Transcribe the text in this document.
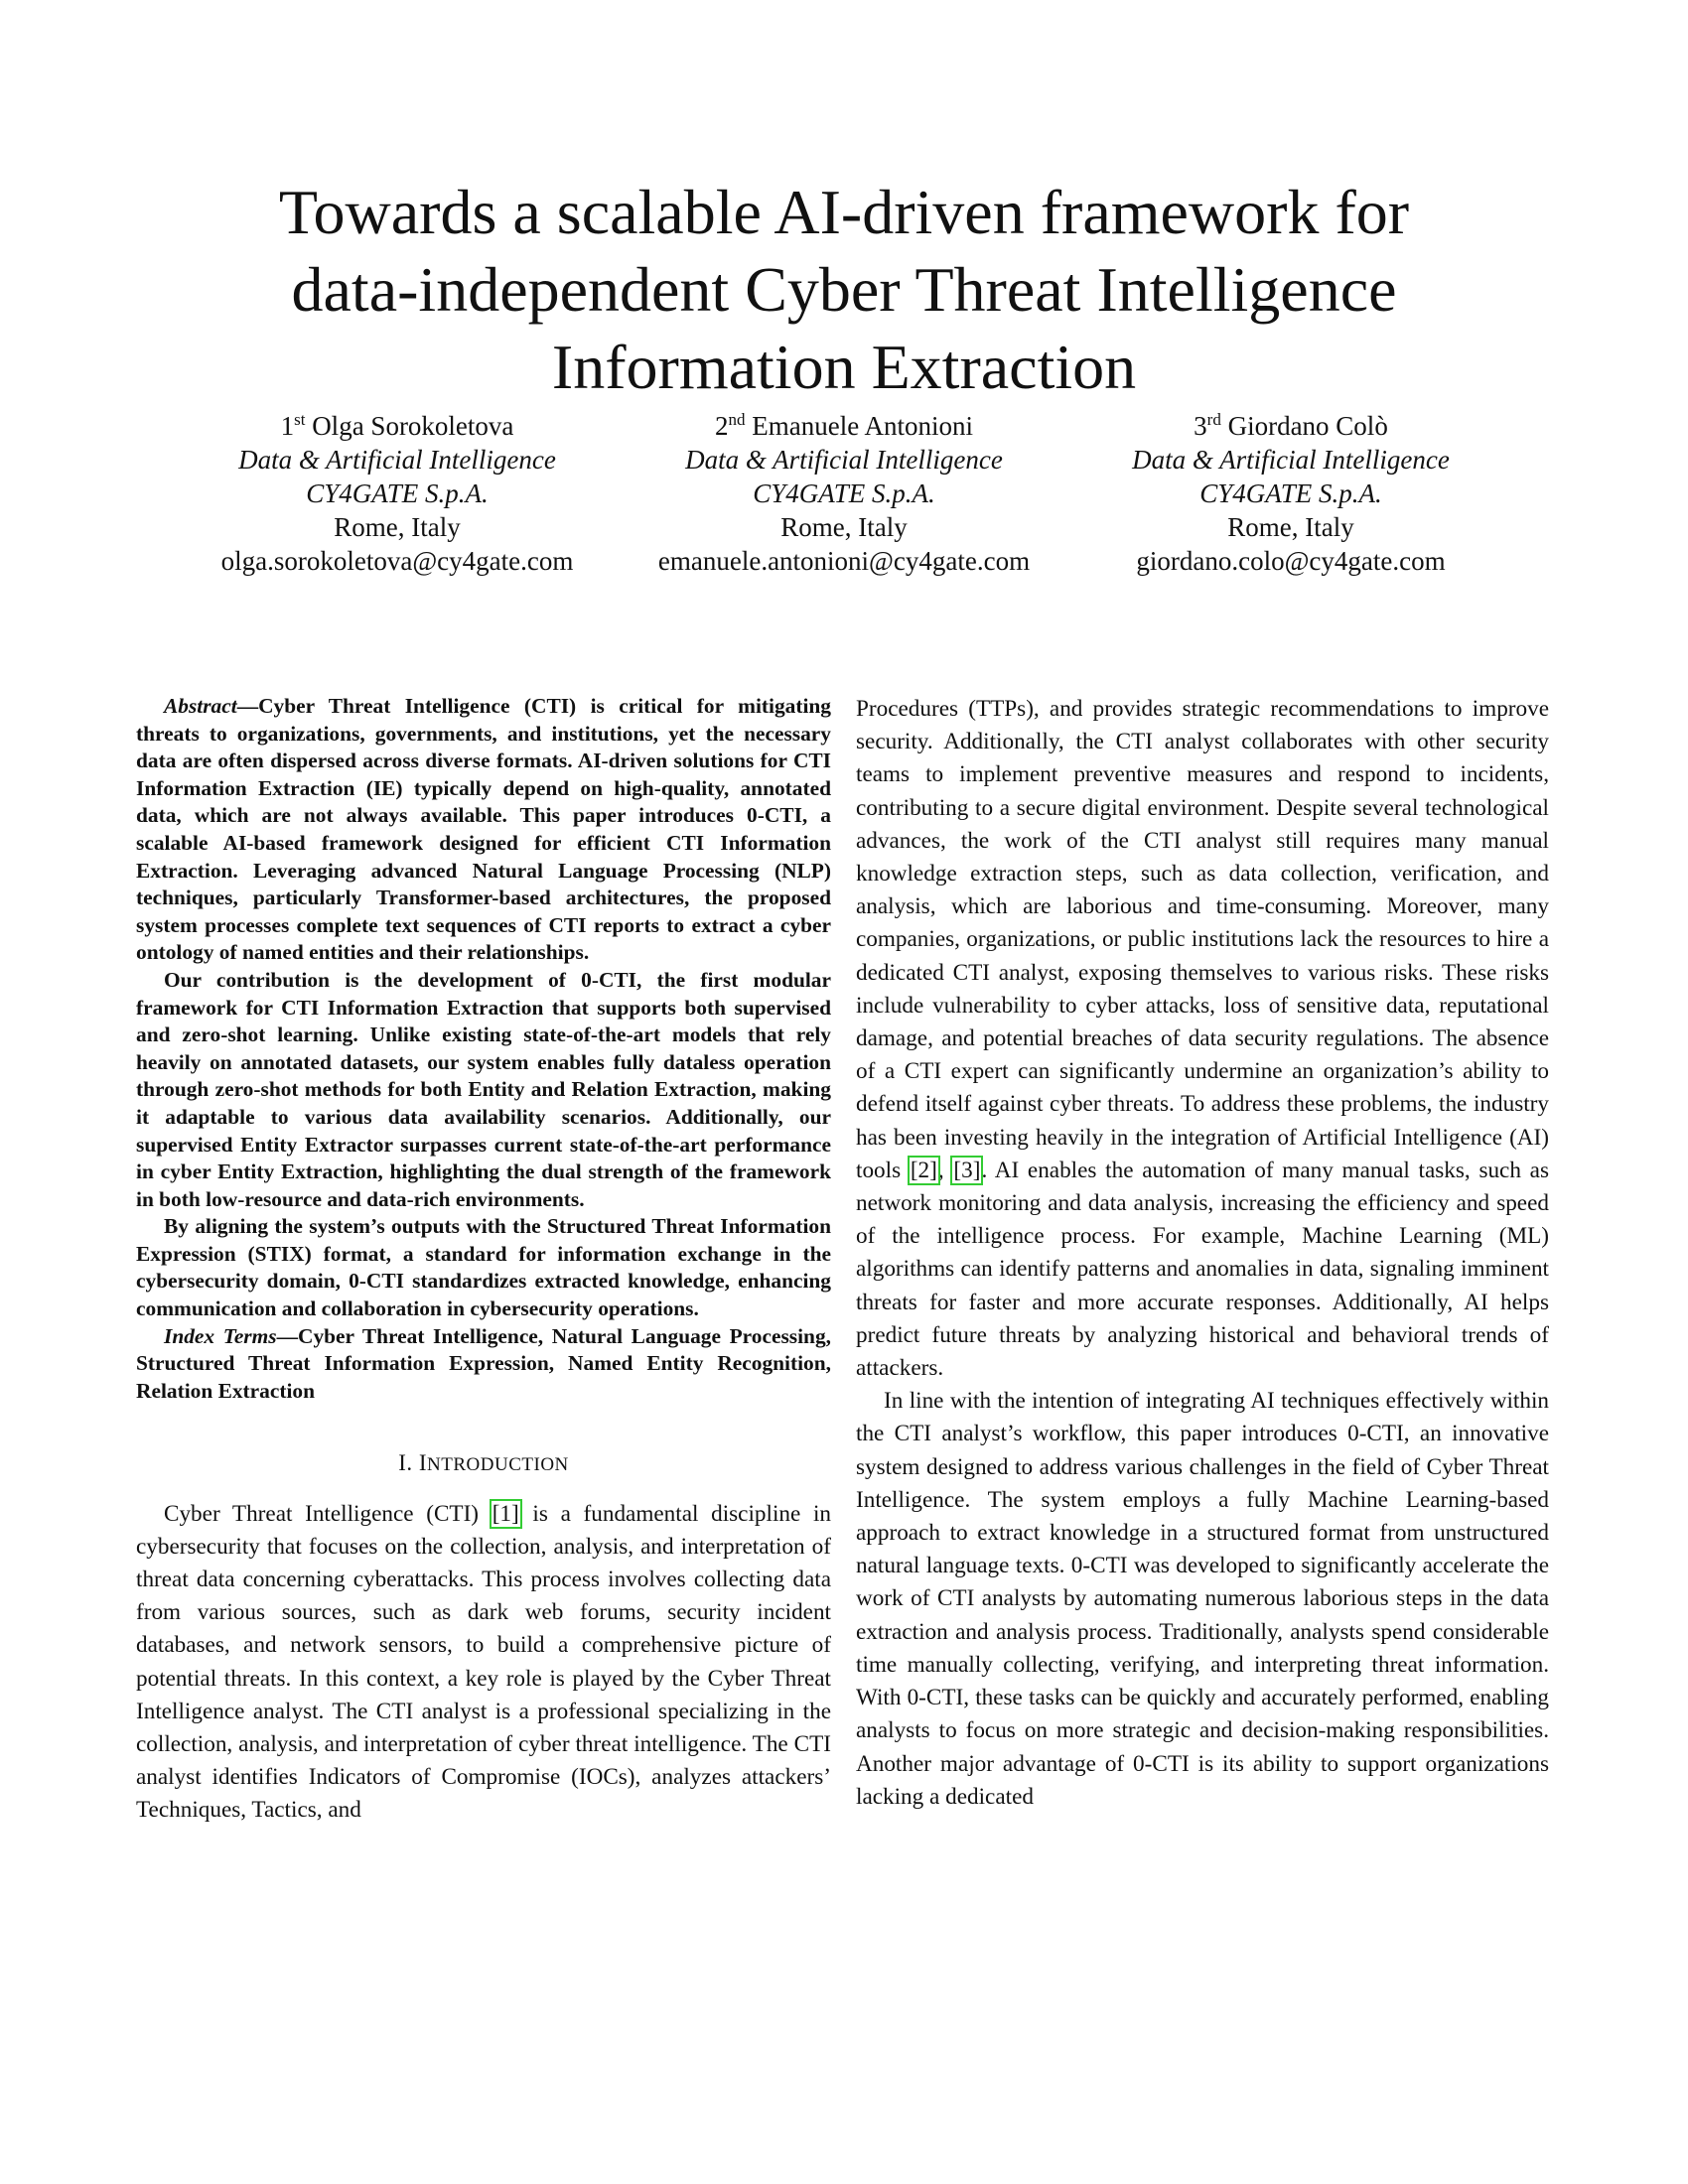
Towards a scalable AI-driven framework for
data-independent Cyber Threat Intelligence
Information Extraction
1st Olga Sorokoletova
Data & Artificial Intelligence
CY4GATE S.p.A.
Rome, Italy
olga.sorokoletova@cy4gate.com
2nd Emanuele Antonioni
Data & Artificial Intelligence
CY4GATE S.p.A.
Rome, Italy
emanuele.antonioni@cy4gate.com
3rd Giordano Colò
Data & Artificial Intelligence
CY4GATE S.p.A.
Rome, Italy
giordano.colo@cy4gate.com

Abstract—Cyber Threat Intelligence (CTI) is critical for mitigating threats to organizations, governments, and institutions, yet the necessary data are often dispersed across diverse formats. AI-driven solutions for CTI Information Extraction (IE) typically depend on high-quality, annotated data, which are not always available. This paper introduces 0-CTI, a scalable AI-based framework designed for efficient CTI Information Extraction. Leveraging advanced Natural Language Processing (NLP) techniques, particularly Transformer-based architectures, the proposed system processes complete text sequences of CTI reports to extract a cyber ontology of named entities and their relationships.

Our contribution is the development of 0-CTI, the first modular framework for CTI Information Extraction that supports both supervised and zero-shot learning. Unlike existing state-of-the-art models that rely heavily on annotated datasets, our system enables fully dataless operation through zero-shot methods for both Entity and Relation Extraction, making it adaptable to various data availability scenarios. Additionally, our supervised Entity Extractor surpasses current state-of-the-art performance in cyber Entity Extraction, highlighting the dual strength of the framework in both low-resource and data-rich environments.

By aligning the system’s outputs with the Structured Threat Information Expression (STIX) format, a standard for information exchange in the cybersecurity domain, 0-CTI standardizes extracted knowledge, enhancing communication and collaboration in cybersecurity operations.

Index Terms—Cyber Threat Intelligence, Natural Language Processing, Structured Threat Information Expression, Named Entity Recognition, Relation Extraction

I. INTRODUCTION

Cyber Threat Intelligence (CTI) [1] is a fundamental discipline in cybersecurity that focuses on the collection, analysis, and interpretation of threat data concerning cyberattacks. This process involves collecting data from various sources, such as dark web forums, security incident databases, and network sensors, to build a comprehensive picture of potential threats. In this context, a key role is played by the Cyber Threat Intelligence analyst. The CTI analyst is a professional specializing in the collection, analysis, and interpretation of cyber threat intelligence. The CTI analyst identifies Indicators of Compromise (IOCs), analyzes attackers’ Techniques, Tactics, and

Procedures (TTPs), and provides strategic recommendations to improve security. Additionally, the CTI analyst collaborates with other security teams to implement preventive measures and respond to incidents, contributing to a secure digital environment. Despite several technological advances, the work of the CTI analyst still requires many manual knowledge extraction steps, such as data collection, verification, and analysis, which are laborious and time-consuming. Moreover, many companies, organizations, or public institutions lack the resources to hire a dedicated CTI analyst, exposing themselves to various risks. These risks include vulnerability to cyber attacks, loss of sensitive data, reputational damage, and potential breaches of data security regulations. The absence of a CTI expert can significantly undermine an organization’s ability to defend itself against cyber threats. To address these problems, the industry has been investing heavily in the integration of Artificial Intelligence (AI) tools [2], [3]. AI enables the automation of many manual tasks, such as network monitoring and data analysis, increasing the efficiency and speed of the intelligence process. For example, Machine Learning (ML) algorithms can identify patterns and anomalies in data, signaling imminent threats for faster and more accurate responses. Additionally, AI helps predict future threats by analyzing historical and behavioral trends of attackers.

In line with the intention of integrating AI techniques effectively within the CTI analyst’s workflow, this paper introduces 0-CTI, an innovative system designed to address various challenges in the field of Cyber Threat Intelligence. The system employs a fully Machine Learning-based approach to extract knowledge in a structured format from unstructured natural language texts. 0-CTI was developed to significantly accelerate the work of CTI analysts by automating numerous laborious steps in the data extraction and analysis process. Traditionally, analysts spend considerable time manually collecting, verifying, and interpreting threat information. With 0-CTI, these tasks can be quickly and accurately performed, enabling analysts to focus on more strategic and decision-making responsibilities. Another major advantage of 0-CTI is its ability to support organizations lacking a dedicated
